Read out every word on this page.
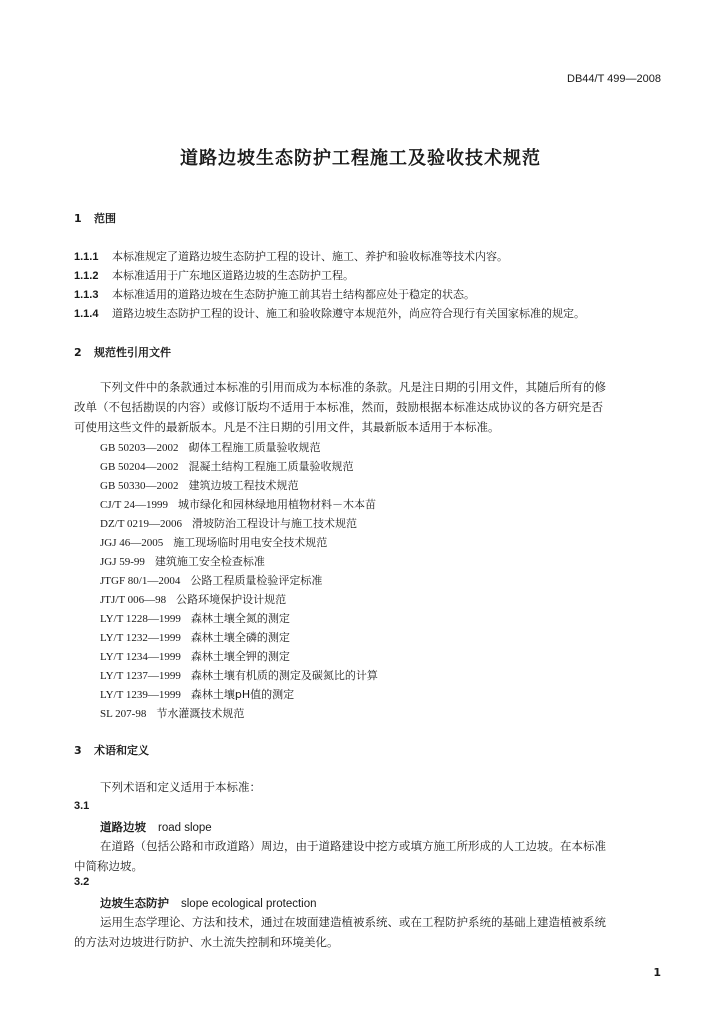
DB44/T 499—2008
道路边坡生态防护工程施工及验收技术规范
1 范围
1.1.1 本标准规定了道路边坡生态防护工程的设计、施工、养护和验收标准等技术内容。
1.1.2 本标准适用于广东地区道路边坡的生态防护工程。
1.1.3 本标准适用的道路边坡在生态防护施工前其岩土结构都应处于稳定的状态。
1.1.4 道路边坡生态防护工程的设计、施工和验收除遵守本规范外，尚应符合现行有关国家标准的规定。
2 规范性引用文件
下列文件中的条款通过本标准的引用而成为本标准的条款。凡是注日期的引用文件，其随后所有的修
改单（不包括勘误的内容）或修订版均不适用于本标准，然而，鼓励根据本标准达成协议的各方研究是否
可使用这些文件的最新版本。凡是不注日期的引用文件，其最新版本适用于本标准。
GB 50203—2002 砌体工程施工质量验收规范
GB 50204—2002 混凝土结构工程施工质量验收规范
GB 50330—2002 建筑边坡工程技术规范
CJ/T 24—1999 城市绿化和园林绿地用植物材料－木本苗
DZ/T 0219—2006 滑坡防治工程设计与施工技术规范
JGJ 46—2005 施工现场临时用电安全技术规范
JGJ 59-99 建筑施工安全检查标准
JTGF 80/1—2004 公路工程质量检验评定标准
JTJ/T 006—98 公路环境保护设计规范
LY/T 1228—1999 森林土壤全氮的测定
LY/T 1232—1999 森林土壤全磷的测定
LY/T 1234—1999 森林土壤全钾的测定
LY/T 1237—1999 森林土壤有机质的测定及碳氮比的计算
LY/T 1239—1999 森林土壤pH值的测定
SL 207-98 节水灌溉技术规范
3 术语和定义
下列术语和定义适用于本标准：
3.1
道路边坡 road slope
在道路（包括公路和市政道路）周边，由于道路建设中挖方或填方施工所形成的人工边坡。在本标准
中简称边坡。
3.2
边坡生态防护 slope ecological protection
运用生态学理论、方法和技术，通过在坡面建造植被系统、或在工程防护系统的基础上建造植被系统
的方法对边坡进行防护、水土流失控制和环境美化。
1
